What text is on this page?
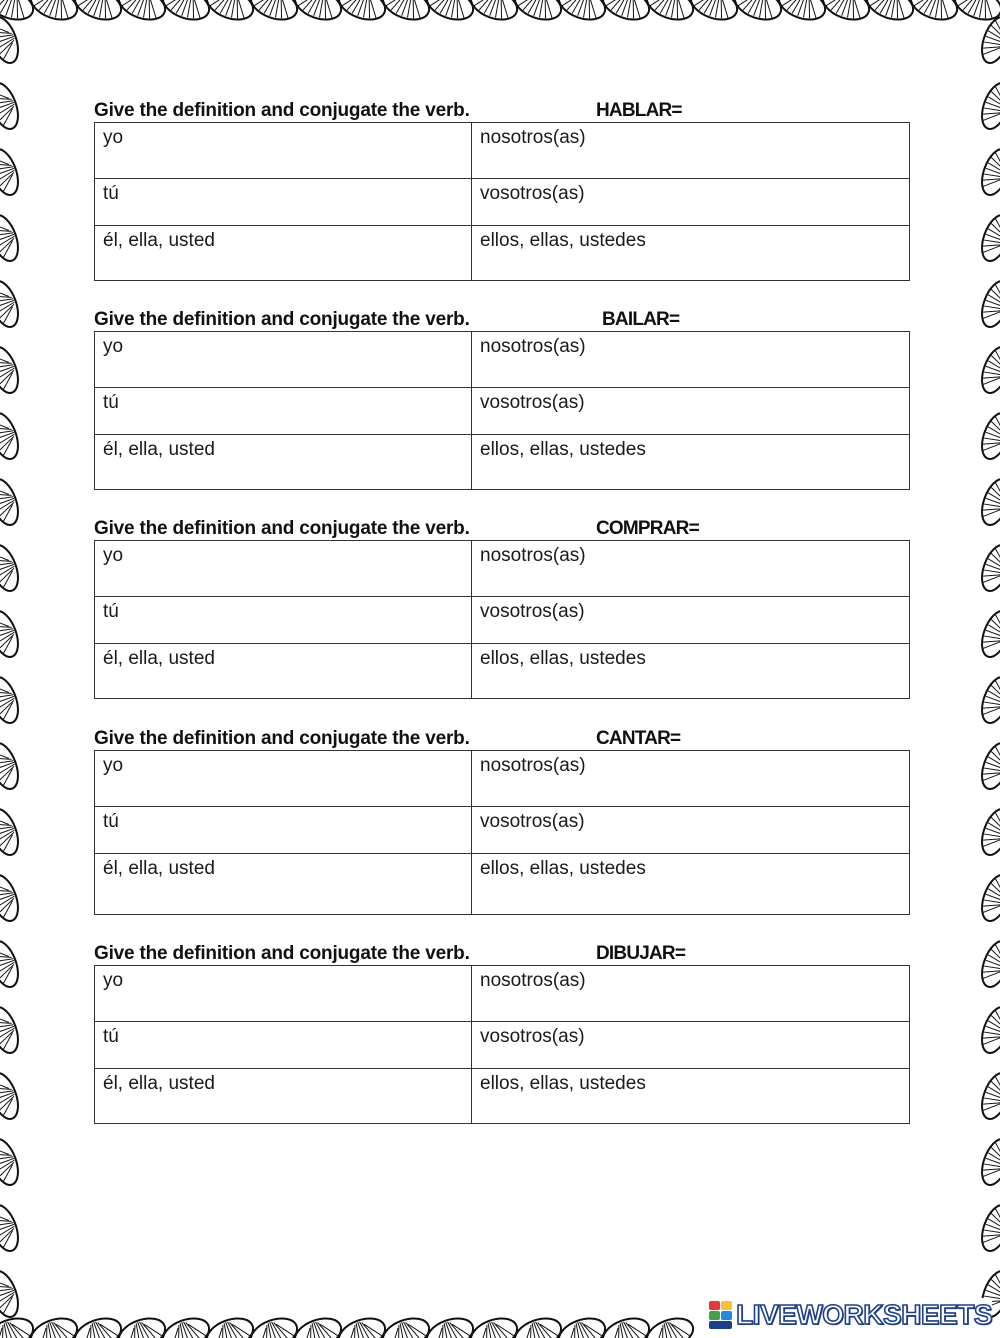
Give the definition and conjugate the verb.	HABLAR=
yo	nosotros(as)
tú	vosotros(as)
él, ella, usted	ellos, ellas, ustedes
Give the definition and conjugate the verb.	BAILAR=
yo	nosotros(as)
tú	vosotros(as)
él, ella, usted	ellos, ellas, ustedes
Give the definition and conjugate the verb.	COMPRAR=
yo	nosotros(as)
tú	vosotros(as)
él, ella, usted	ellos, ellas, ustedes
Give the definition and conjugate the verb.	CANTAR=
yo	nosotros(as)
tú	vosotros(as)
él, ella, usted	ellos, ellas, ustedes
Give the definition and conjugate the verb.	DIBUJAR=
yo	nosotros(as)
tú	vosotros(as)
él, ella, usted	ellos, ellas, ustedes
LIVEWORKSHEETS
